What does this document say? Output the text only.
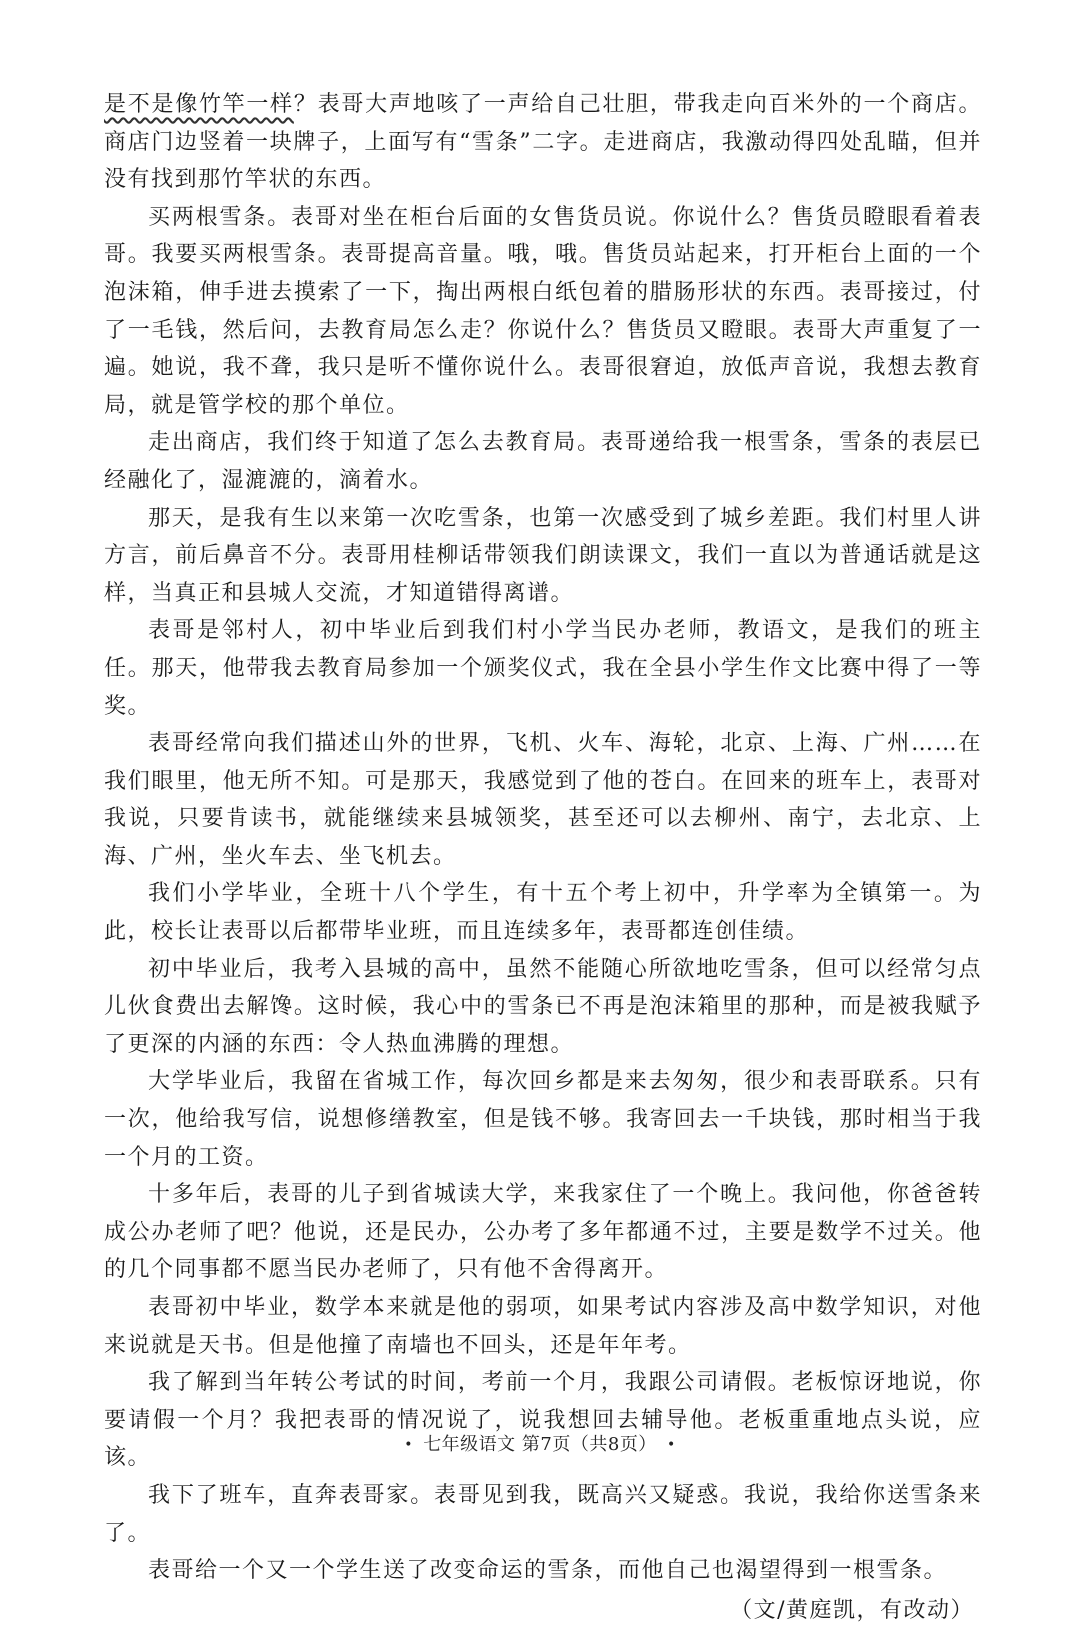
是不是像竹竿一样？表哥大声地咳了一声给自己壮胆，带我走向百米外的一个商店。商店门边竖着一块牌子，上面写有“雪条”二字。走进商店，我激动得四处乱瞄，但并没有找到那竹竿状的东西。

买两根雪条。表哥对坐在柜台后面的女售货员说。你说什么？售货员瞪眼看着表哥。我要买两根雪条。表哥提高音量。哦，哦。售货员站起来，打开柜台上面的一个泡沫箱，伸手进去摸索了一下，掏出两根白纸包着的腊肠形状的东西。表哥接过，付了一毛钱，然后问，去教育局怎么走？你说什么？售货员又瞪眼。表哥大声重复了一遍。她说，我不聋，我只是听不懂你说什么。表哥很窘迫，放低声音说，我想去教育局，就是管学校的那个单位。

走出商店，我们终于知道了怎么去教育局。表哥递给我一根雪条，雪条的表层已经融化了，湿漉漉的，滴着水。

那天，是我有生以来第一次吃雪条，也第一次感受到了城乡差距。我们村里人讲方言，前后鼻音不分。表哥用桂柳话带领我们朗读课文，我们一直以为普通话就是这样，当真正和县城人交流，才知道错得离谱。

表哥是邻村人，初中毕业后到我们村小学当民办老师，教语文，是我们的班主任。那天，他带我去教育局参加一个颁奖仪式，我在全县小学生作文比赛中得了一等奖。

表哥经常向我们描述山外的世界，飞机、火车、海轮，北京、上海、广州……在我们眼里，他无所不知。可是那天，我感觉到了他的苍白。在回来的班车上，表哥对我说，只要肯读书，就能继续来县城领奖，甚至还可以去柳州、南宁，去北京、上海、广州，坐火车去、坐飞机去。

我们小学毕业，全班十八个学生，有十五个考上初中，升学率为全镇第一。为此，校长让表哥以后都带毕业班，而且连续多年，表哥都连创佳绩。

初中毕业后，我考入县城的高中，虽然不能随心所欲地吃雪条，但可以经常匀点儿伙食费出去解馋。这时候，我心中的雪条已不再是泡沫箱里的那种，而是被我赋予了更深的内涵的东西：令人热血沸腾的理想。

大学毕业后，我留在省城工作，每次回乡都是来去匆匆，很少和表哥联系。只有一次，他给我写信，说想修缮教室，但是钱不够。我寄回去一千块钱，那时相当于我一个月的工资。

十多年后，表哥的儿子到省城读大学，来我家住了一个晚上。我问他，你爸爸转成公办老师了吧？他说，还是民办，公办考了多年都通不过，主要是数学不过关。他的几个同事都不愿当民办老师了，只有他不舍得离开。

表哥初中毕业，数学本来就是他的弱项，如果考试内容涉及高中数学知识，对他来说就是天书。但是他撞了南墙也不回头，还是年年考。

我了解到当年转公考试的时间，考前一个月，我跟公司请假。老板惊讶地说，你要请假一个月？我把表哥的情况说了，说我想回去辅导他。老板重重地点头说，应该。

我下了班车，直奔表哥家。表哥见到我，既高兴又疑惑。我说，我给你送雪条来了。

表哥给一个又一个学生送了改变命运的雪条，而他自己也渴望得到一根雪条。

（文/黄庭凯，有改动）
• 七年级语文 第7页（共8页） •
